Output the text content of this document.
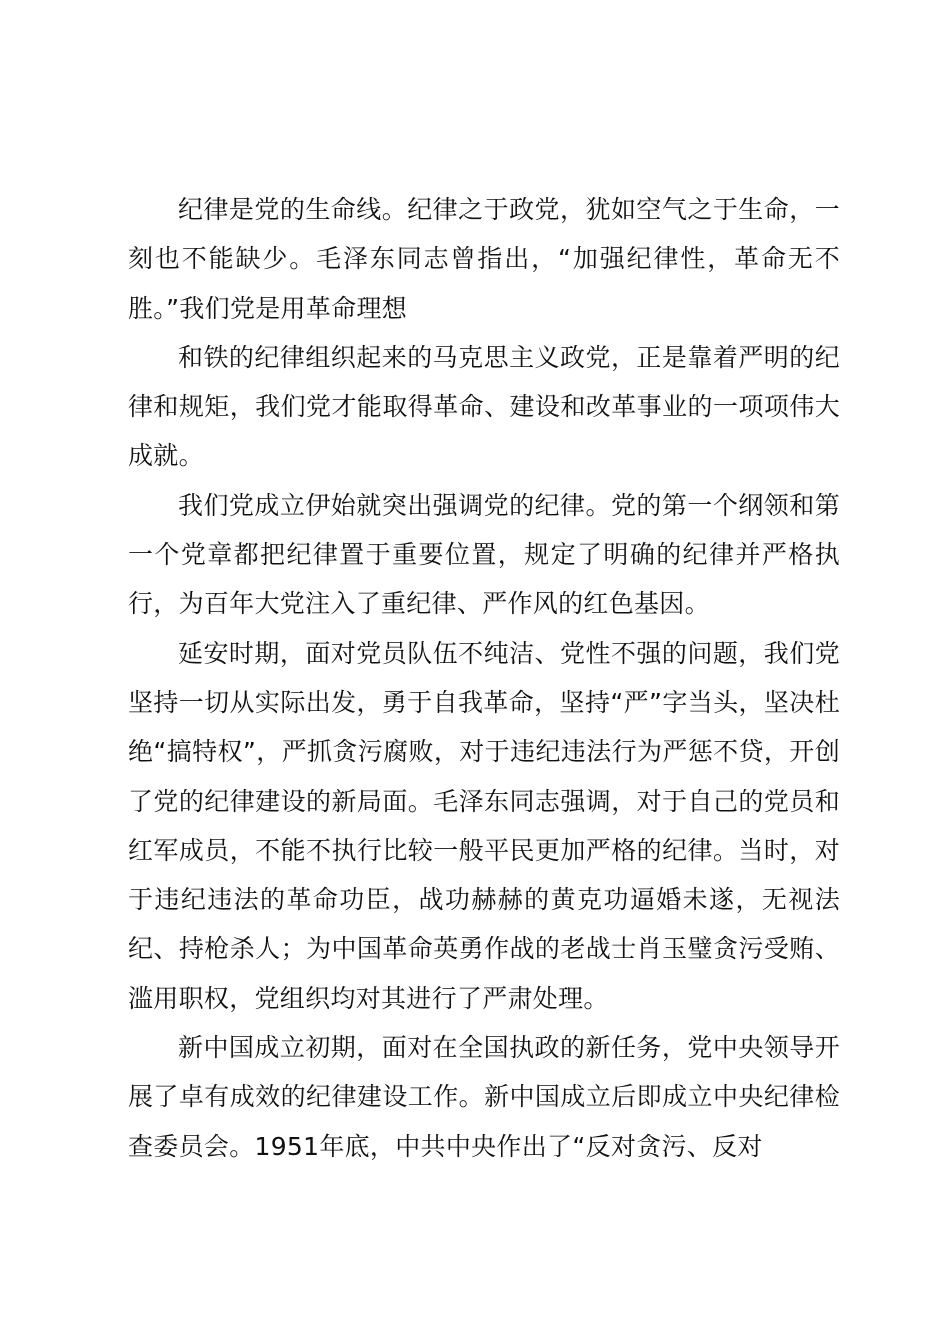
纪律是党的生命线。纪律之于政党，犹如空气之于生命，一刻也不能缺少。毛泽东同志曾指出，“加强纪律性，革命无不胜。”我们党是用革命理想

和铁的纪律组织起来的马克思主义政党，正是靠着严明的纪律和规矩，我们党才能取得革命、建设和改革事业的一项项伟大成就。

我们党成立伊始就突出强调党的纪律。党的第一个纲领和第一个党章都把纪律置于重要位置，规定了明确的纪律并严格执行，为百年大党注入了重纪律、严作风的红色基因。

延安时期，面对党员队伍不纯洁、党性不强的问题，我们党坚持一切从实际出发，勇于自我革命，坚持“严”字当头，坚决杜绝“搞特权”，严抓贪污腐败，对于违纪违法行为严惩不贷，开创了党的纪律建设的新局面。毛泽东同志强调，对于自己的党员和红军成员，不能不执行比较一般平民更加严格的纪律。当时，对于违纪违法的革命功臣，战功赫赫的黄克功逼婚未遂，无视法纪、持枪杀人；为中国革命英勇作战的老战士肖玉璧贪污受贿、滥用职权，党组织均对其进行了严肃处理。

新中国成立初期，面对在全国执政的新任务，党中央领导开展了卓有成效的纪律建设工作。新中国成立后即成立中央纪律检查委员会。1951年底，中共中央作出了“反对贪污、反对
